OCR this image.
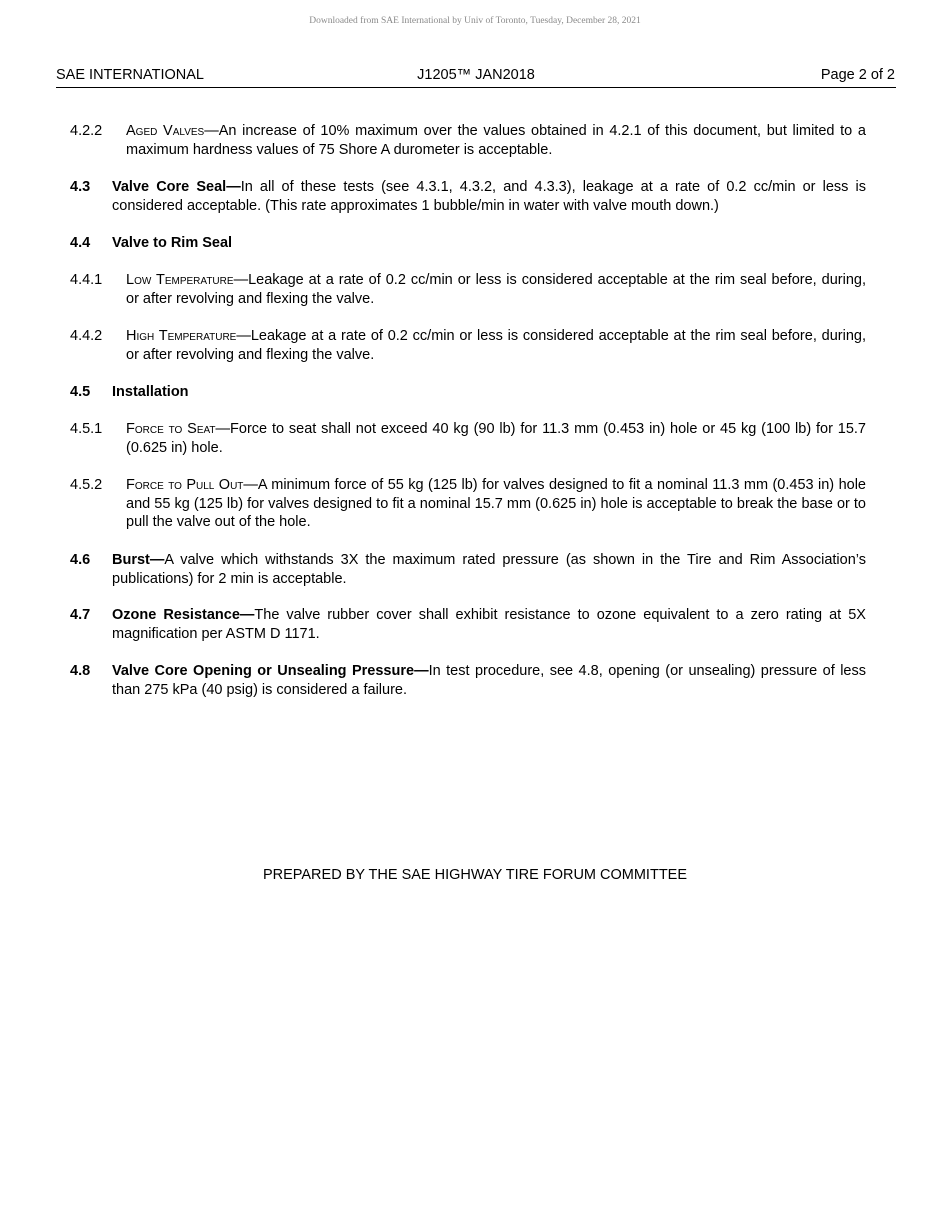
Downloaded from SAE International by Univ of Toronto, Tuesday, December 28, 2021
SAE INTERNATIONAL	J1205™ JAN2018	Page 2 of 2
4.2.2 Aged Valves—An increase of 10% maximum over the values obtained in 4.2.1 of this document, but limited to a maximum hardness values of 75 Shore A durometer is acceptable.
4.3 Valve Core Seal—In all of these tests (see 4.3.1, 4.3.2, and 4.3.3), leakage at a rate of 0.2 cc/min or less is considered acceptable. (This rate approximates 1 bubble/min in water with valve mouth down.)
4.4 Valve to Rim Seal
4.4.1 Low Temperature—Leakage at a rate of 0.2 cc/min or less is considered acceptable at the rim seal before, during, or after revolving and flexing the valve.
4.4.2 High Temperature—Leakage at a rate of 0.2 cc/min or less is considered acceptable at the rim seal before, during, or after revolving and flexing the valve.
4.5 Installation
4.5.1 Force to Seat—Force to seat shall not exceed 40 kg (90 lb) for 11.3 mm (0.453 in) hole or 45 kg (100 lb) for 15.7 (0.625 in) hole.
4.5.2 Force to Pull Out—A minimum force of 55 kg (125 lb) for valves designed to fit a nominal 11.3 mm (0.453 in) hole and 55 kg (125 lb) for valves designed to fit a nominal 15.7 mm (0.625 in) hole is acceptable to break the base or to pull the valve out of the hole.
4.6 Burst—A valve which withstands 3X the maximum rated pressure (as shown in the Tire and Rim Association’s publications) for 2 min is acceptable.
4.7 Ozone Resistance—The valve rubber cover shall exhibit resistance to ozone equivalent to a zero rating at 5X magnification per ASTM D 1171.
4.8 Valve Core Opening or Unsealing Pressure—In test procedure, see 4.8, opening (or unsealing) pressure of less than 275 kPa (40 psig) is considered a failure.
PREPARED BY THE SAE HIGHWAY TIRE FORUM COMMITTEE
